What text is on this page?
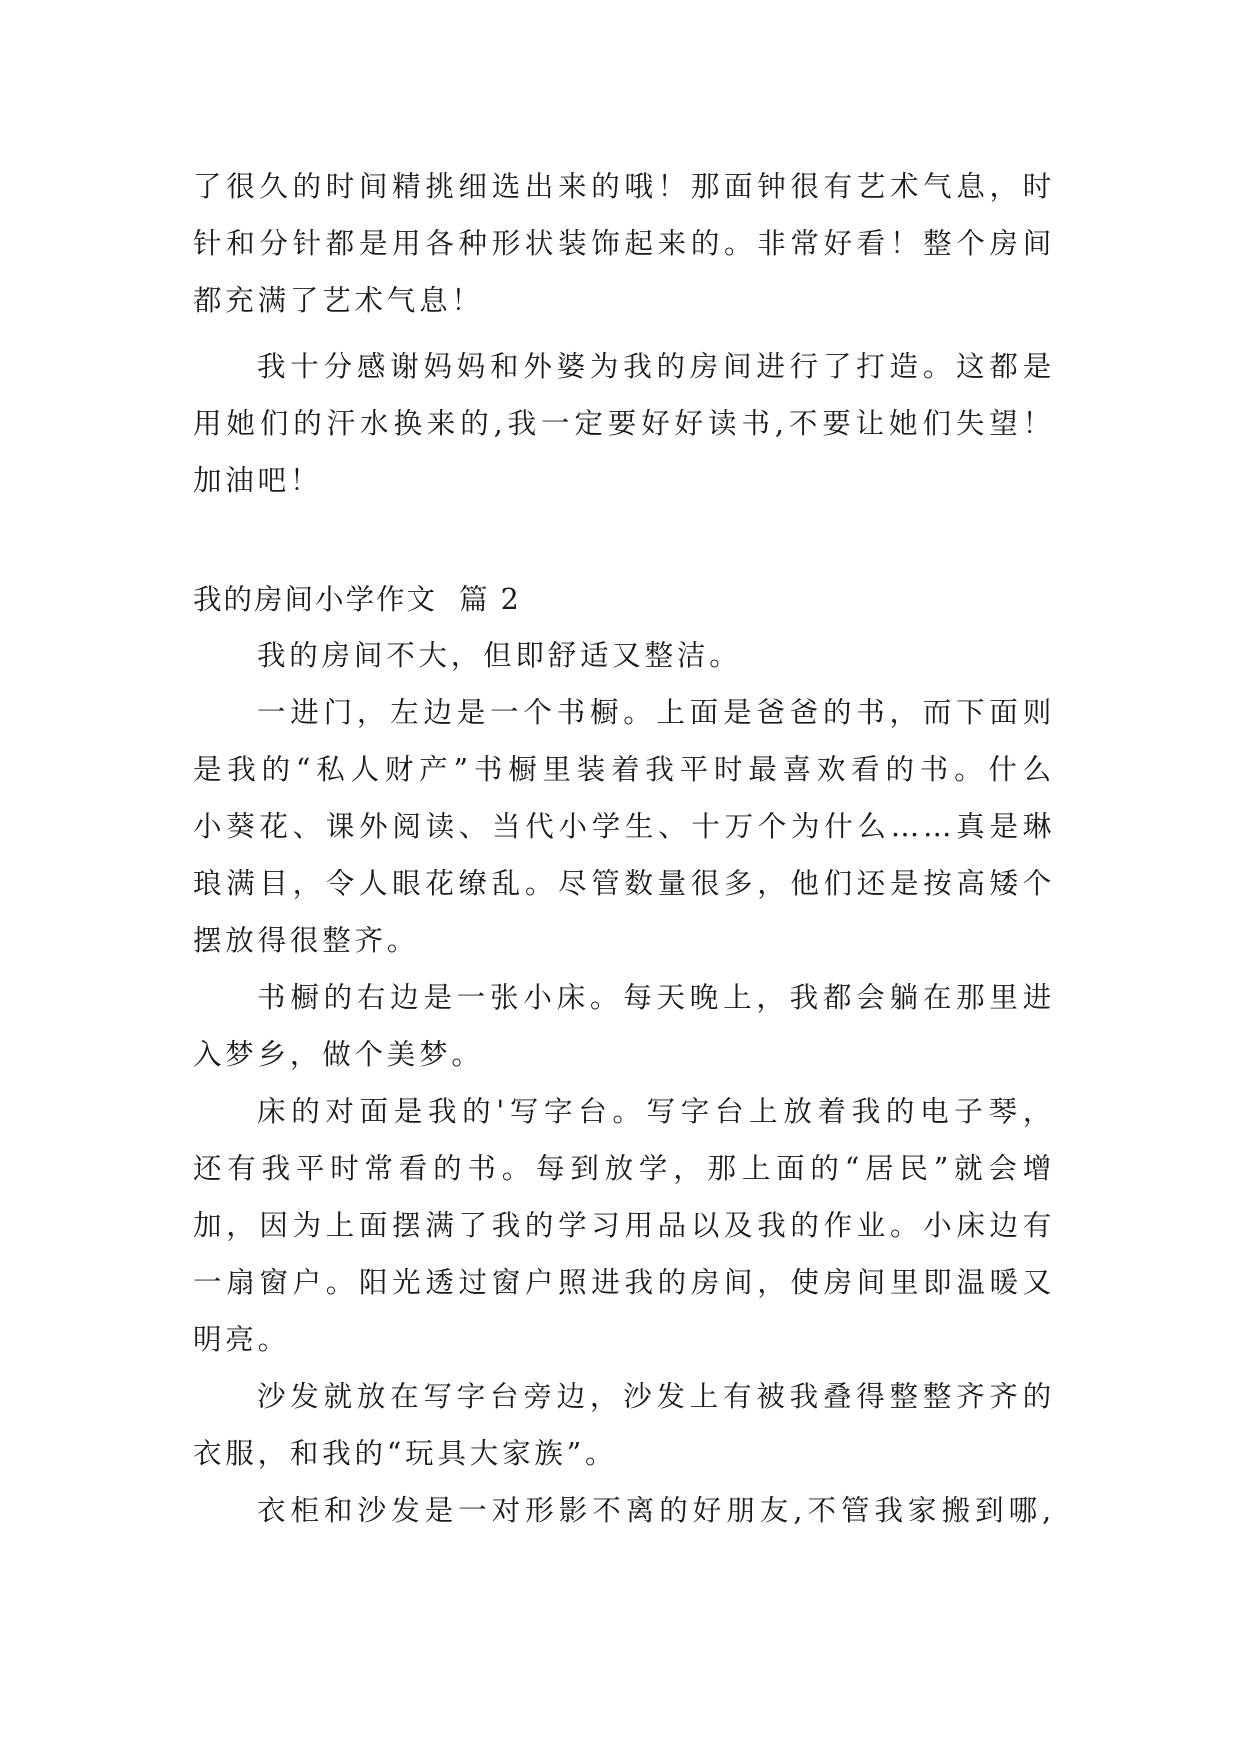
了很久的时间精挑细选出来的哦！那面钟很有艺术气息，时
针和分针都是用各种形状装饰起来的。非常好看！整个房间
都充满了艺术气息！
我十分感谢妈妈和外婆为我的房间进行了打造。这都是
用她们的汗水换来的,我一定要好好读书,不要让她们失望！
加油吧！
我的房间小学作文  篇 2
我的房间不大，但即舒适又整洁。
一进门，左边是一个书橱。上面是爸爸的书，而下面则
是我的“私人财产”书橱里装着我平时最喜欢看的书。什么
小葵花、课外阅读、当代小学生、十万个为什么……真是琳
琅满目，令人眼花缭乱。尽管数量很多，他们还是按高矮个
摆放得很整齐。
书橱的右边是一张小床。每天晚上，我都会躺在那里进
入梦乡，做个美梦。
床的对面是我的'写字台。写字台上放着我的电子琴，
还有我平时常看的书。每到放学，那上面的“居民”就会增
加，因为上面摆满了我的学习用品以及我的作业。小床边有
一扇窗户。阳光透过窗户照进我的房间，使房间里即温暖又
明亮。
沙发就放在写字台旁边，沙发上有被我叠得整整齐齐的
衣服，和我的“玩具大家族”。
衣柜和沙发是一对形影不离的好朋友,不管我家搬到哪,
